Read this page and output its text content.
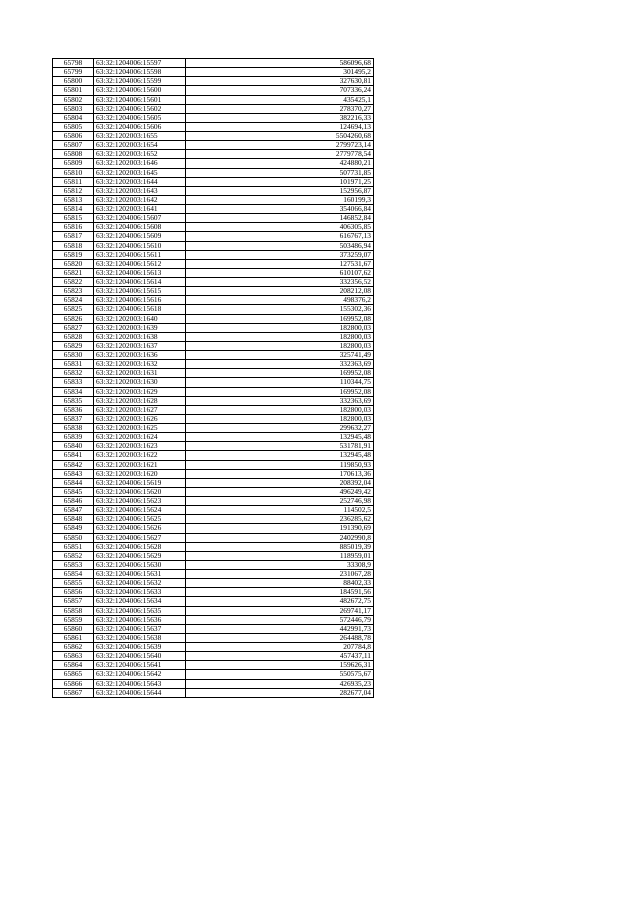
65798	63:32:1204006:15597	586096,68
65799	63:32:1204006:15598	301495,2
65800	63:32:1204006:15599	327630,81
65801	63:32:1204006:15600	707336,24
65802	63:32:1204006:15601	435425,1
65803	63:32:1204006:15602	278370,27
65804	63:32:1204006:15605	382216,33
65805	63:32:1204006:15606	124694,13
65806	63:32:1202003:1655	5504260,68
65807	63:32:1202003:1654	2799723,14
65808	63:32:1202003:1652	2779778,54
65809	63:32:1202003:1646	424880,21
65810	63:32:1202003:1645	507731,85
65811	63:32:1202003:1644	101971,25
65812	63:32:1202003:1643	152956,87
65813	63:32:1202003:1642	160199,3
65814	63:32:1202003:1641	354066,84
65815	63:32:1204006:15607	146852,84
65816	63:32:1204006:15608	406305,85
65817	63:32:1204006:15609	616767,13
65818	63:32:1204006:15610	503486,94
65819	63:32:1204006:15611	373259,07
65820	63:32:1204006:15612	127531,67
65821	63:32:1204006:15613	610107,62
65822	63:32:1204006:15614	332356,52
65823	63:32:1204006:15615	208212,08
65824	63:32:1204006:15616	498376,2
65825	63:32:1204006:15618	155302,36
65826	63:32:1202003:1640	169952,08
65827	63:32:1202003:1639	182800,03
65828	63:32:1202003:1638	182800,03
65829	63:32:1202003:1637	182800,03
65830	63:32:1202003:1636	325741,49
65831	63:32:1202003:1632	332363,69
65832	63:32:1202003:1631	169952,08
65833	63:32:1202003:1630	110344,75
65834	63:32:1202003:1629	169952,08
65835	63:32:1202003:1628	332363,69
65836	63:32:1202003:1627	182800,03
65837	63:32:1202003:1626	182800,03
65838	63:32:1202003:1625	299632,27
65839	63:32:1202003:1624	132945,48
65840	63:32:1202003:1623	531781,91
65841	63:32:1202003:1622	132945,48
65842	63:32:1202003:1621	119850,93
65843	63:32:1202003:1620	170613,36
65844	63:32:1204006:15619	208392,04
65845	63:32:1204006:15620	496249,42
65846	63:32:1204006:15623	252746,98
65847	63:32:1204006:15624	114502,5
65848	63:32:1204006:15625	236285,62
65849	63:32:1204006:15626	191390,69
65850	63:32:1204006:15627	2402990,8
65851	63:32:1204006:15628	885019,39
65852	63:32:1204006:15629	118959,01
65853	63:32:1204006:15630	33308,9
65854	63:32:1204006:15631	231067,28
65855	63:32:1204006:15632	88402,33
65856	63:32:1204006:15633	184591,56
65857	63:32:1204006:15634	482672,75
65858	63:32:1204006:15635	269741,17
65859	63:32:1204006:15636	572446,79
65860	63:32:1204006:15637	442991,73
65861	63:32:1204006:15638	264488,78
65862	63:32:1204006:15639	207784,8
65863	63:32:1204006:15640	457437,11
65864	63:32:1204006:15641	159626,31
65865	63:32:1204006:15642	550575,67
65866	63:32:1204006:15643	426935,23
65867	63:32:1204006:15644	282677,04
